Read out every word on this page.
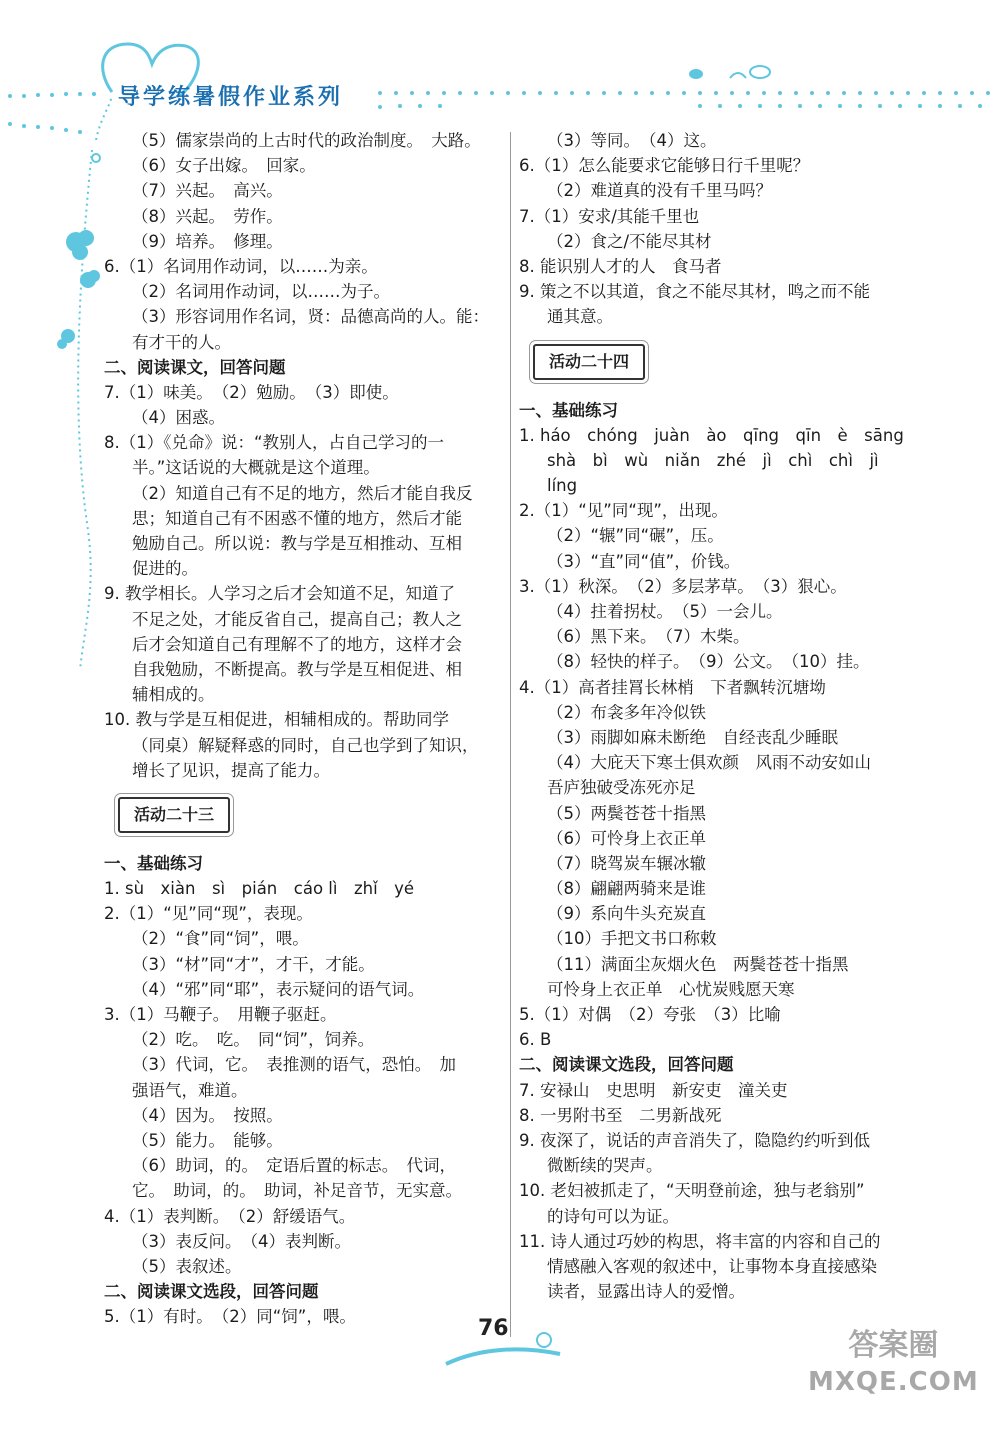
导学练暑假作业系列
（5）儒家崇尚的上古时代的政治制度。　大路。
（6）女子出嫁。　回家。
（7）兴起。　高兴。
（8）兴起。　劳作。
（9）培养。　修理。
6.（1）名词用作动词，以……为亲。
（2）名词用作动词，以……为子。
（3）形容词用作名词，贤：品德高尚的人。能：
有才干的人。
二、阅读课文，回答问题
7.（1）味美。　（2）勉励。　（3）即使。
（4）困惑。
8.（1）《兑命》说：“教别人，占自己学习的一
半。”这话说的大概就是这个道理。
（2）知道自己有不足的地方，然后才能自我反
思；知道自己有不困惑不懂的地方，然后才能
勉励自己。所以说：教与学是互相推动、互相
促进的。
9. 教学相长。人学习之后才会知道不足，知道了
不足之处，才能反省自己，提高自己；教人之
后才会知道自己有理解不了的地方，这样才会
自我勉励，不断提高。教与学是互相促进、相
辅相成的。
10. 教与学是互相促进，相辅相成的。帮助同学
（同桌）解疑释惑的同时，自己也学到了知识，
增长了见识，提高了能力。
活动二十三
一、基础练习
1. sù　xiàn　sì　pián　cáo lì　zhǐ　yé
2.（1）“见”同“现”，表现。
（2）“食”同“饲”，喂。
（3）“材”同“才”，才干，才能。
（4）“邪”同“耶”，表示疑问的语气词。
3.（1）马鞭子。　用鞭子驱赶。
（2）吃。　吃。　同“饲”，饲养。
（3）代词，它。　表推测的语气，恐怕。　加
强语气，难道。
（4）因为。　按照。
（5）能力。　能够。
（6）助词，的。　定语后置的标志。　代词，
它。　助词，的。　助词，补足音节，无实意。
4.（1）表判断。　（2）舒缓语气。
（3）表反问。　（4）表判断。
（5）表叙述。
二、阅读课文选段，回答问题
5.（1）有时。　（2）同“饲”，喂。
（3）等同。　（4）这。
6.（1）怎么能要求它能够日行千里呢？
（2）难道真的没有千里马吗？
7.（1）安求/其能千里也
（2）食之/不能尽其材
8. 能识别人才的人　食马者
9. 策之不以其道，食之不能尽其材，鸣之而不能
通其意。
活动二十四
一、基础练习
1. háo　chóng　juàn　ào　qīng　qīn　è　sāng
shà　bì　wù　niǎn　zhé　jì　chì　chì　jì
líng
2.（1）“见”同“现”，出现。
（2）“辗”同“碾”，压。
（3）“直”同“值”，价钱。
3.（1）秋深。　（2）多层茅草。　（3）狠心。
（4）拄着拐杖。　（5）一会儿。
（6）黑下来。　（7）木柴。
（8）轻快的样子。　（9）公文。　（10）挂。
4.（1）高者挂罥长林梢　下者飘转沉塘坳
（2）布衾多年冷似铁
（3）雨脚如麻未断绝　自经丧乱少睡眠
（4）大庇天下寒士俱欢颜　风雨不动安如山
吾庐独破受冻死亦足
（5）两鬓苍苍十指黑
（6）可怜身上衣正单
（7）晓驾炭车辗冰辙
（8）翩翩两骑来是谁
（9）系向牛头充炭直
（10）手把文书口称敕
（11）满面尘灰烟火色　两鬓苍苍十指黑
可怜身上衣正单　心忧炭贱愿天寒
5.（1）对偶　（2）夸张　（3）比喻
6. B
二、阅读课文选段，回答问题
7. 安禄山　史思明　新安吏　潼关吏
8. 一男附书至　二男新战死
9. 夜深了，说话的声音消失了，隐隐约约听到低
微断续的哭声。
10. 老妇被抓走了，“天明登前途，独与老翁别”
的诗句可以为证。
11. 诗人通过巧妙的构思，将丰富的内容和自己的
情感融入客观的叙述中，让事物本身直接感染
读者，显露出诗人的爱憎。
76	答案圈
MXQE.COM
